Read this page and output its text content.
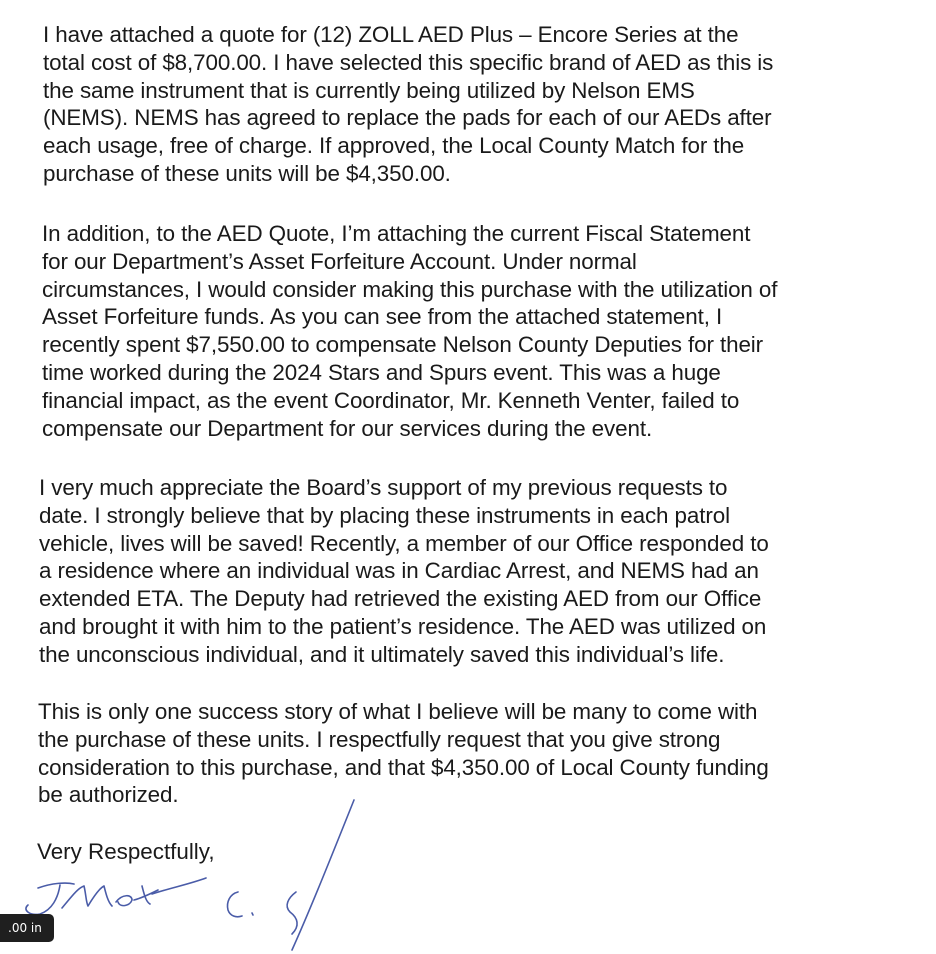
I have attached a quote for (12) ZOLL AED Plus – Encore Series at the
total cost of $8,700.00. I have selected this specific brand of AED as this is
the same instrument that is currently being utilized by Nelson EMS
(NEMS). NEMS has agreed to replace the pads for each of our AEDs after
each usage, free of charge. If approved, the Local County Match for the
purchase of these units will be $4,350.00.
In addition, to the AED Quote, I’m attaching the current Fiscal Statement
for our Department’s Asset Forfeiture Account. Under normal
circumstances, I would consider making this purchase with the utilization of
Asset Forfeiture funds. As you can see from the attached statement, I
recently spent $7,550.00 to compensate Nelson County Deputies for their
time worked during the 2024 Stars and Spurs event. This was a huge
financial impact, as the event Coordinator, Mr. Kenneth Venter, failed to
compensate our Department for our services during the event.
I very much appreciate the Board’s support of my previous requests to
date. I strongly believe that by placing these instruments in each patrol
vehicle, lives will be saved! Recently, a member of our Office responded to
a residence where an individual was in Cardiac Arrest, and NEMS had an
extended ETA. The Deputy had retrieved the existing AED from our Office
and brought it with him to the patient’s residence. The AED was utilized on
the unconscious individual, and it ultimately saved this individual’s life.
This is only one success story of what I believe will be many to come with
the purchase of these units. I respectfully request that you give strong
consideration to this purchase, and that $4,350.00 of Local County funding
be authorized.
Very Respectfully,
.00 in
